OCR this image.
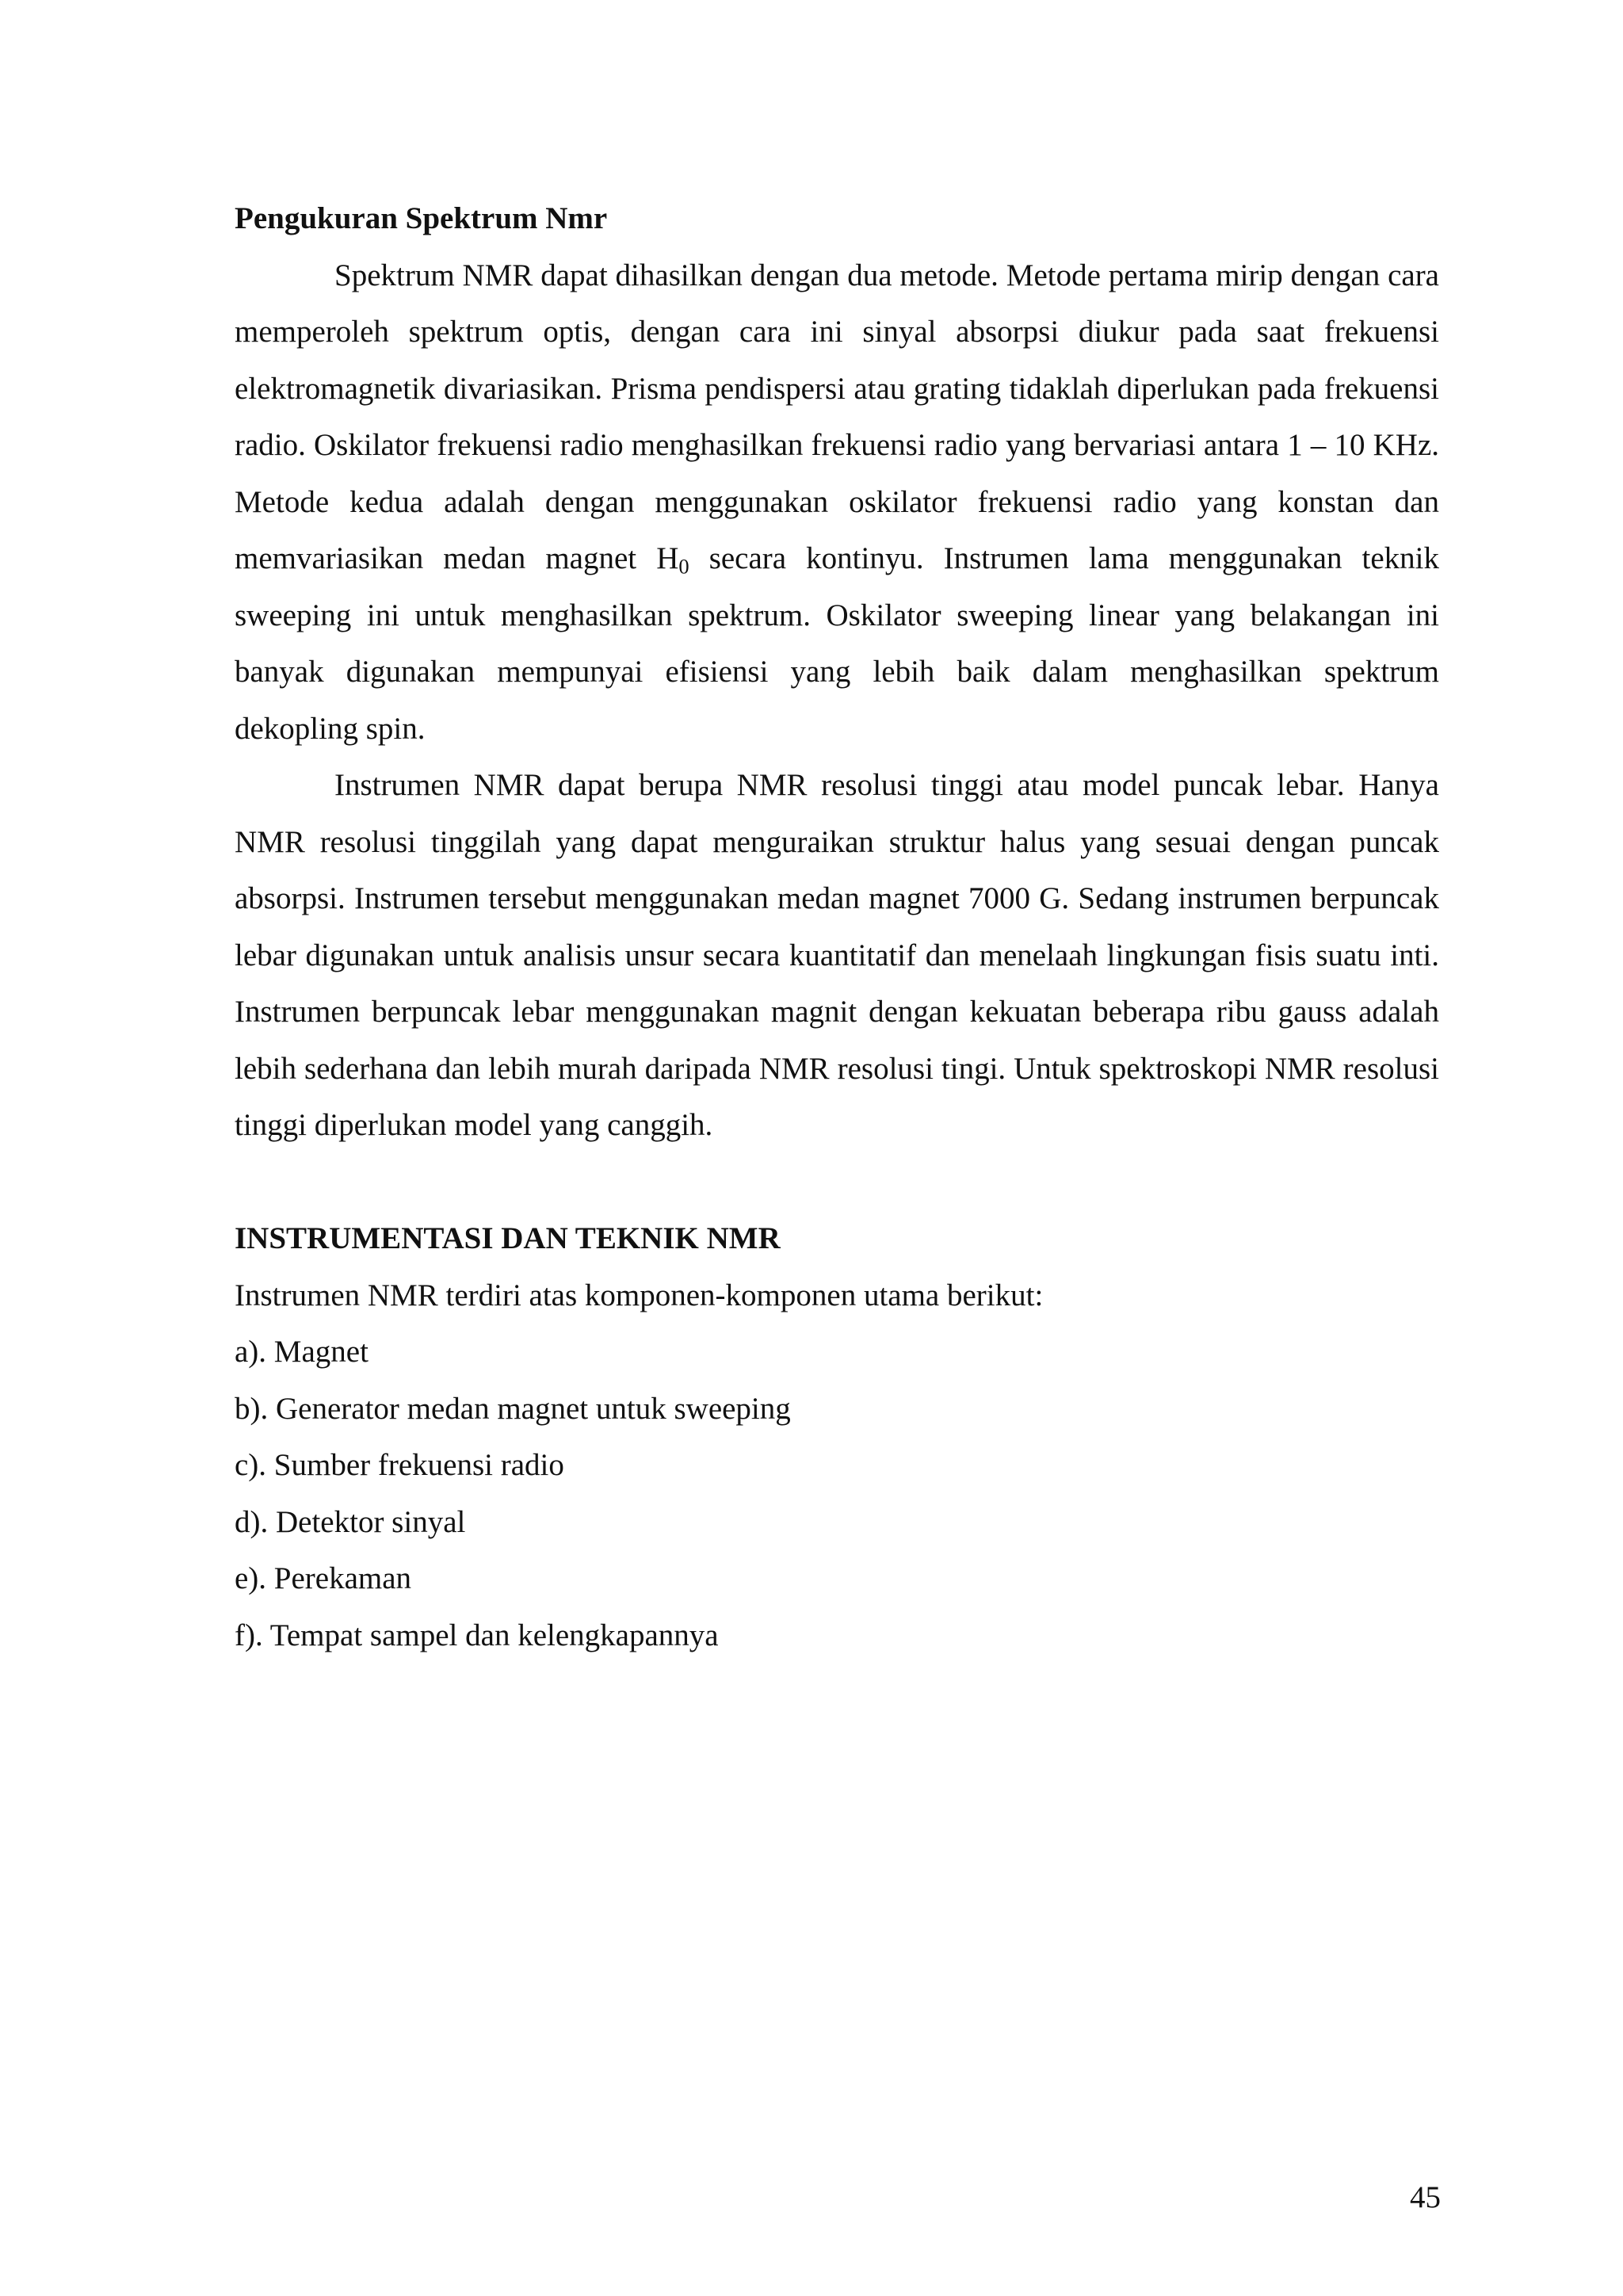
Pengukuran Spektrum Nmr

Spektrum NMR dapat dihasilkan dengan dua metode. Metode pertama mirip dengan cara memperoleh spektrum optis, dengan cara ini sinyal absorpsi diukur pada saat frekuensi elektromagnetik divariasikan. Prisma pendispersi atau grating tidaklah diperlukan pada frekuensi radio. Oskilator frekuensi radio menghasilkan frekuensi radio yang bervariasi antara 1 – 10 KHz. Metode kedua adalah dengan menggunakan oskilator frekuensi radio yang konstan dan memvariasikan medan magnet $H_0$ secara kontinyu. Instrumen lama menggunakan teknik sweeping ini untuk menghasilkan spektrum. Oskilator sweeping linear yang belakangan ini banyak digunakan mempunyai efisiensi yang lebih baik dalam menghasilkan spektrum dekopling spin.

Instrumen NMR dapat berupa NMR resolusi tinggi atau model puncak lebar. Hanya NMR resolusi tinggilah yang dapat menguraikan struktur halus yang sesuai dengan puncak absorpsi. Instrumen tersebut menggunakan medan magnet 7000 G. Sedang instrumen berpuncak lebar digunakan untuk analisis unsur secara kuantitatif dan menelaah lingkungan fisis suatu inti. Instrumen berpuncak lebar menggunakan magnit dengan kekuatan beberapa ribu gauss adalah lebih sederhana dan lebih murah daripada NMR resolusi tingi. Untuk spektroskopi NMR resolusi tinggi diperlukan model yang canggih.

INSTRUMENTASI DAN TEKNIK NMR

Instrumen NMR terdiri atas komponen-komponen utama berikut:

a). Magnet
b). Generator medan magnet untuk sweeping
c). Sumber frekuensi radio
d). Detektor sinyal
e). Perekaman
f). Tempat sampel dan kelengkapannya
45
